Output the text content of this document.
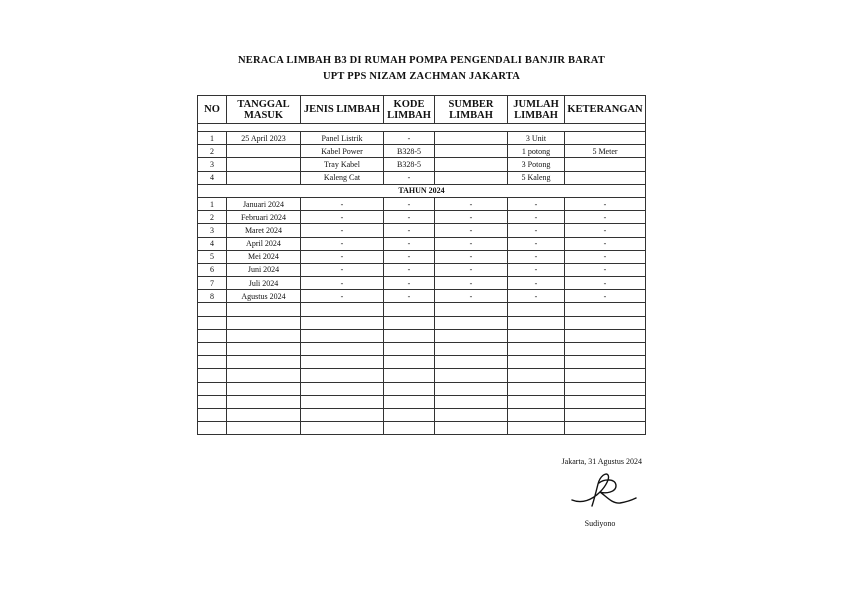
NERACA LIMBAH B3 DI RUMAH POMPA PENGENDALI BANJIR BARAT
UPT PPS NIZAM ZACHMAN JAKARTA
NO	TANGGAL MASUK	JENIS LIMBAH	KODE LIMBAH	SUMBER LIMBAH	JUMLAH LIMBAH	KETERANGAN

1	25 April 2023	Panel Listrik	-		3 Unit	
2		Kabel Power	B328-5		1 potong	5 Meter
3		Tray Kabel	B328-5		3 Potong	
4		Kaleng Cat	-		5 Kaleng	
TAHUN 2024						
1	Januari 2024	-	-	-	-	-
2	Februari 2024	-	-	-	-	-
3	Maret 2024	-	-	-	-	-
4	April 2024	-	-	-	-	-
5	Mei 2024	-	-	-	-	-
6	Juni 2024	-	-	-	-	-
7	Juli 2024	-	-	-	-	-
8	Agustus 2024	-	-	-	-	-

Jakarta, 31 Agustus 2024
Sudiyono
